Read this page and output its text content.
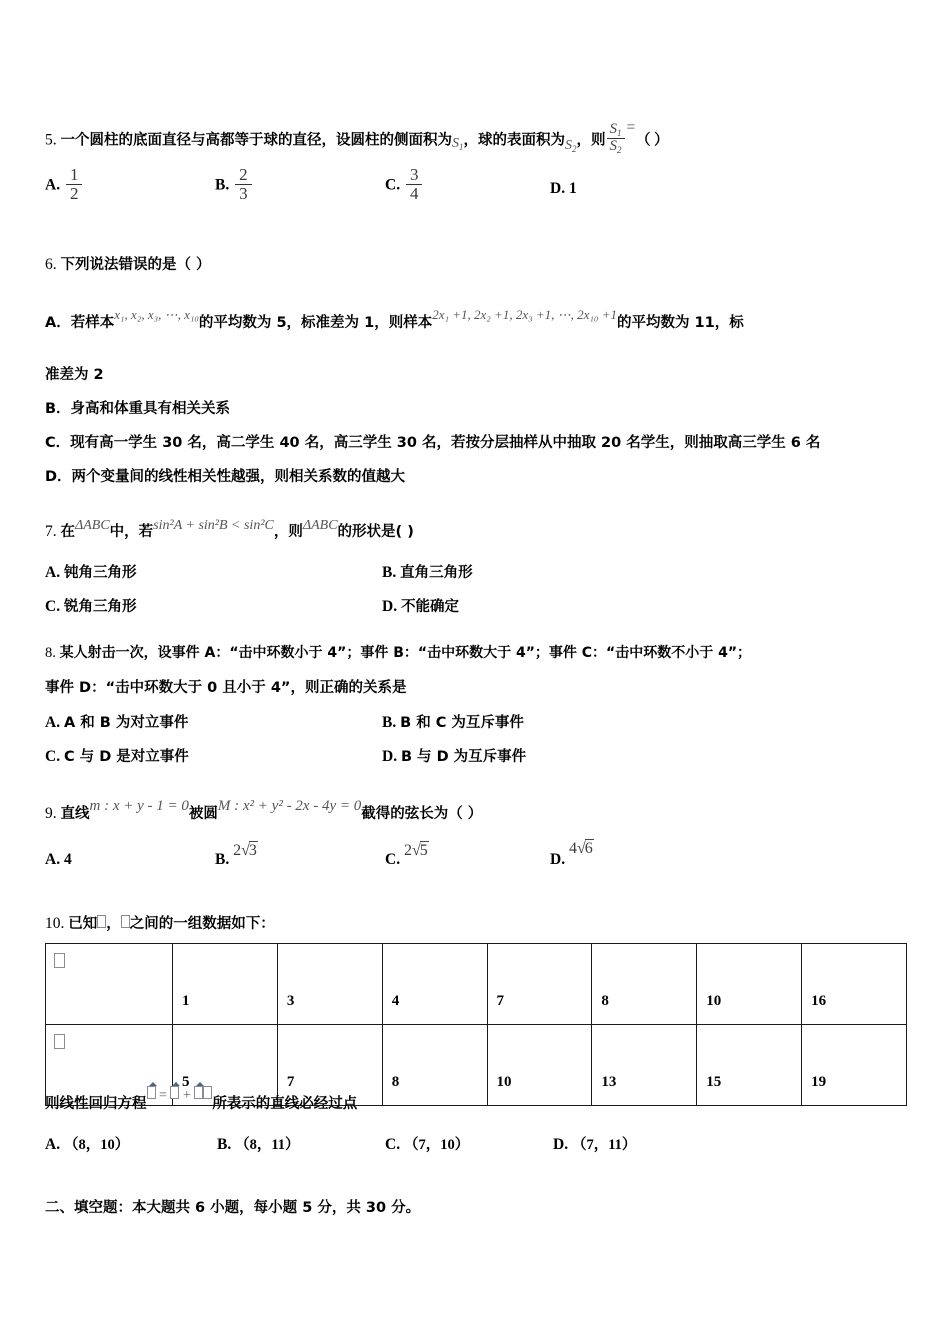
5. 一个圆柱的底面直径与高都等于球的直径，设圆柱的侧面积为$S_1$，球的表面积为$S_2$，则 $\frac{S_1}{S_2}$ =（ ）
A. $\frac{1}{2}$	B. $\frac{2}{3}$	C. $\frac{3}{4}$	D. 1
6. 下列说法错误的是（ ）
A．若样本$^{x_1, x_2, x_3, \cdots, x_{10}}$的平均数为 5，标准差为 1，则样本$^{2x_1 +1, 2x_2 +1, 2x_3 +1, \cdots, 2x_{10} +1}$的平均数为 11，标
准差为 2
B．身高和体重具有相关关系
C．现有高一学生 30 名，高二学生 40 名，高三学生 30 名，若按分层抽样从中抽取 20 名学生，则抽取高三学生 6 名
D．两个变量间的线性相关性越强，则相关系数的值越大
7. 在ΔABC中，若sin²A + sin²B < sin²C，则ΔABC的形状是( )
A. 钝角三角形	B. 直角三角形
C. 锐角三角形	D. 不能确定
8. 某人射击一次，设事件 A：“击中环数小于 4”；事件 B：“击中环数大于 4”；事件 C：“击中环数不小于 4”；
事件 D：“击中环数大于 0 且小于 4”，则正确的关系是
A. A 和 B 为对立事件	B. B 和 C 为互斥事件
C. C 与 D 是对立事件	D. B 与 D 为互斥事件
9. 直线m : x + y - 1 = 0被圆M : x² + y² - 2x - 4y = 0截得的弦长为（ ）
A. 4	B. 2√3
C. 2√5
D. 4√6
10. 已知 ， 之间的一组数据如下：
	1	3	4	7	8	10	16
	5	7	8	10	13	15	19
则线性回归方程 =  + 所表示的直线必经过点
A. （8，10）	B. （8，11）	C. （7，10）	D. （7，11）
二、填空题：本大题共 6 小题，每小题 5 分，共 30 分。
